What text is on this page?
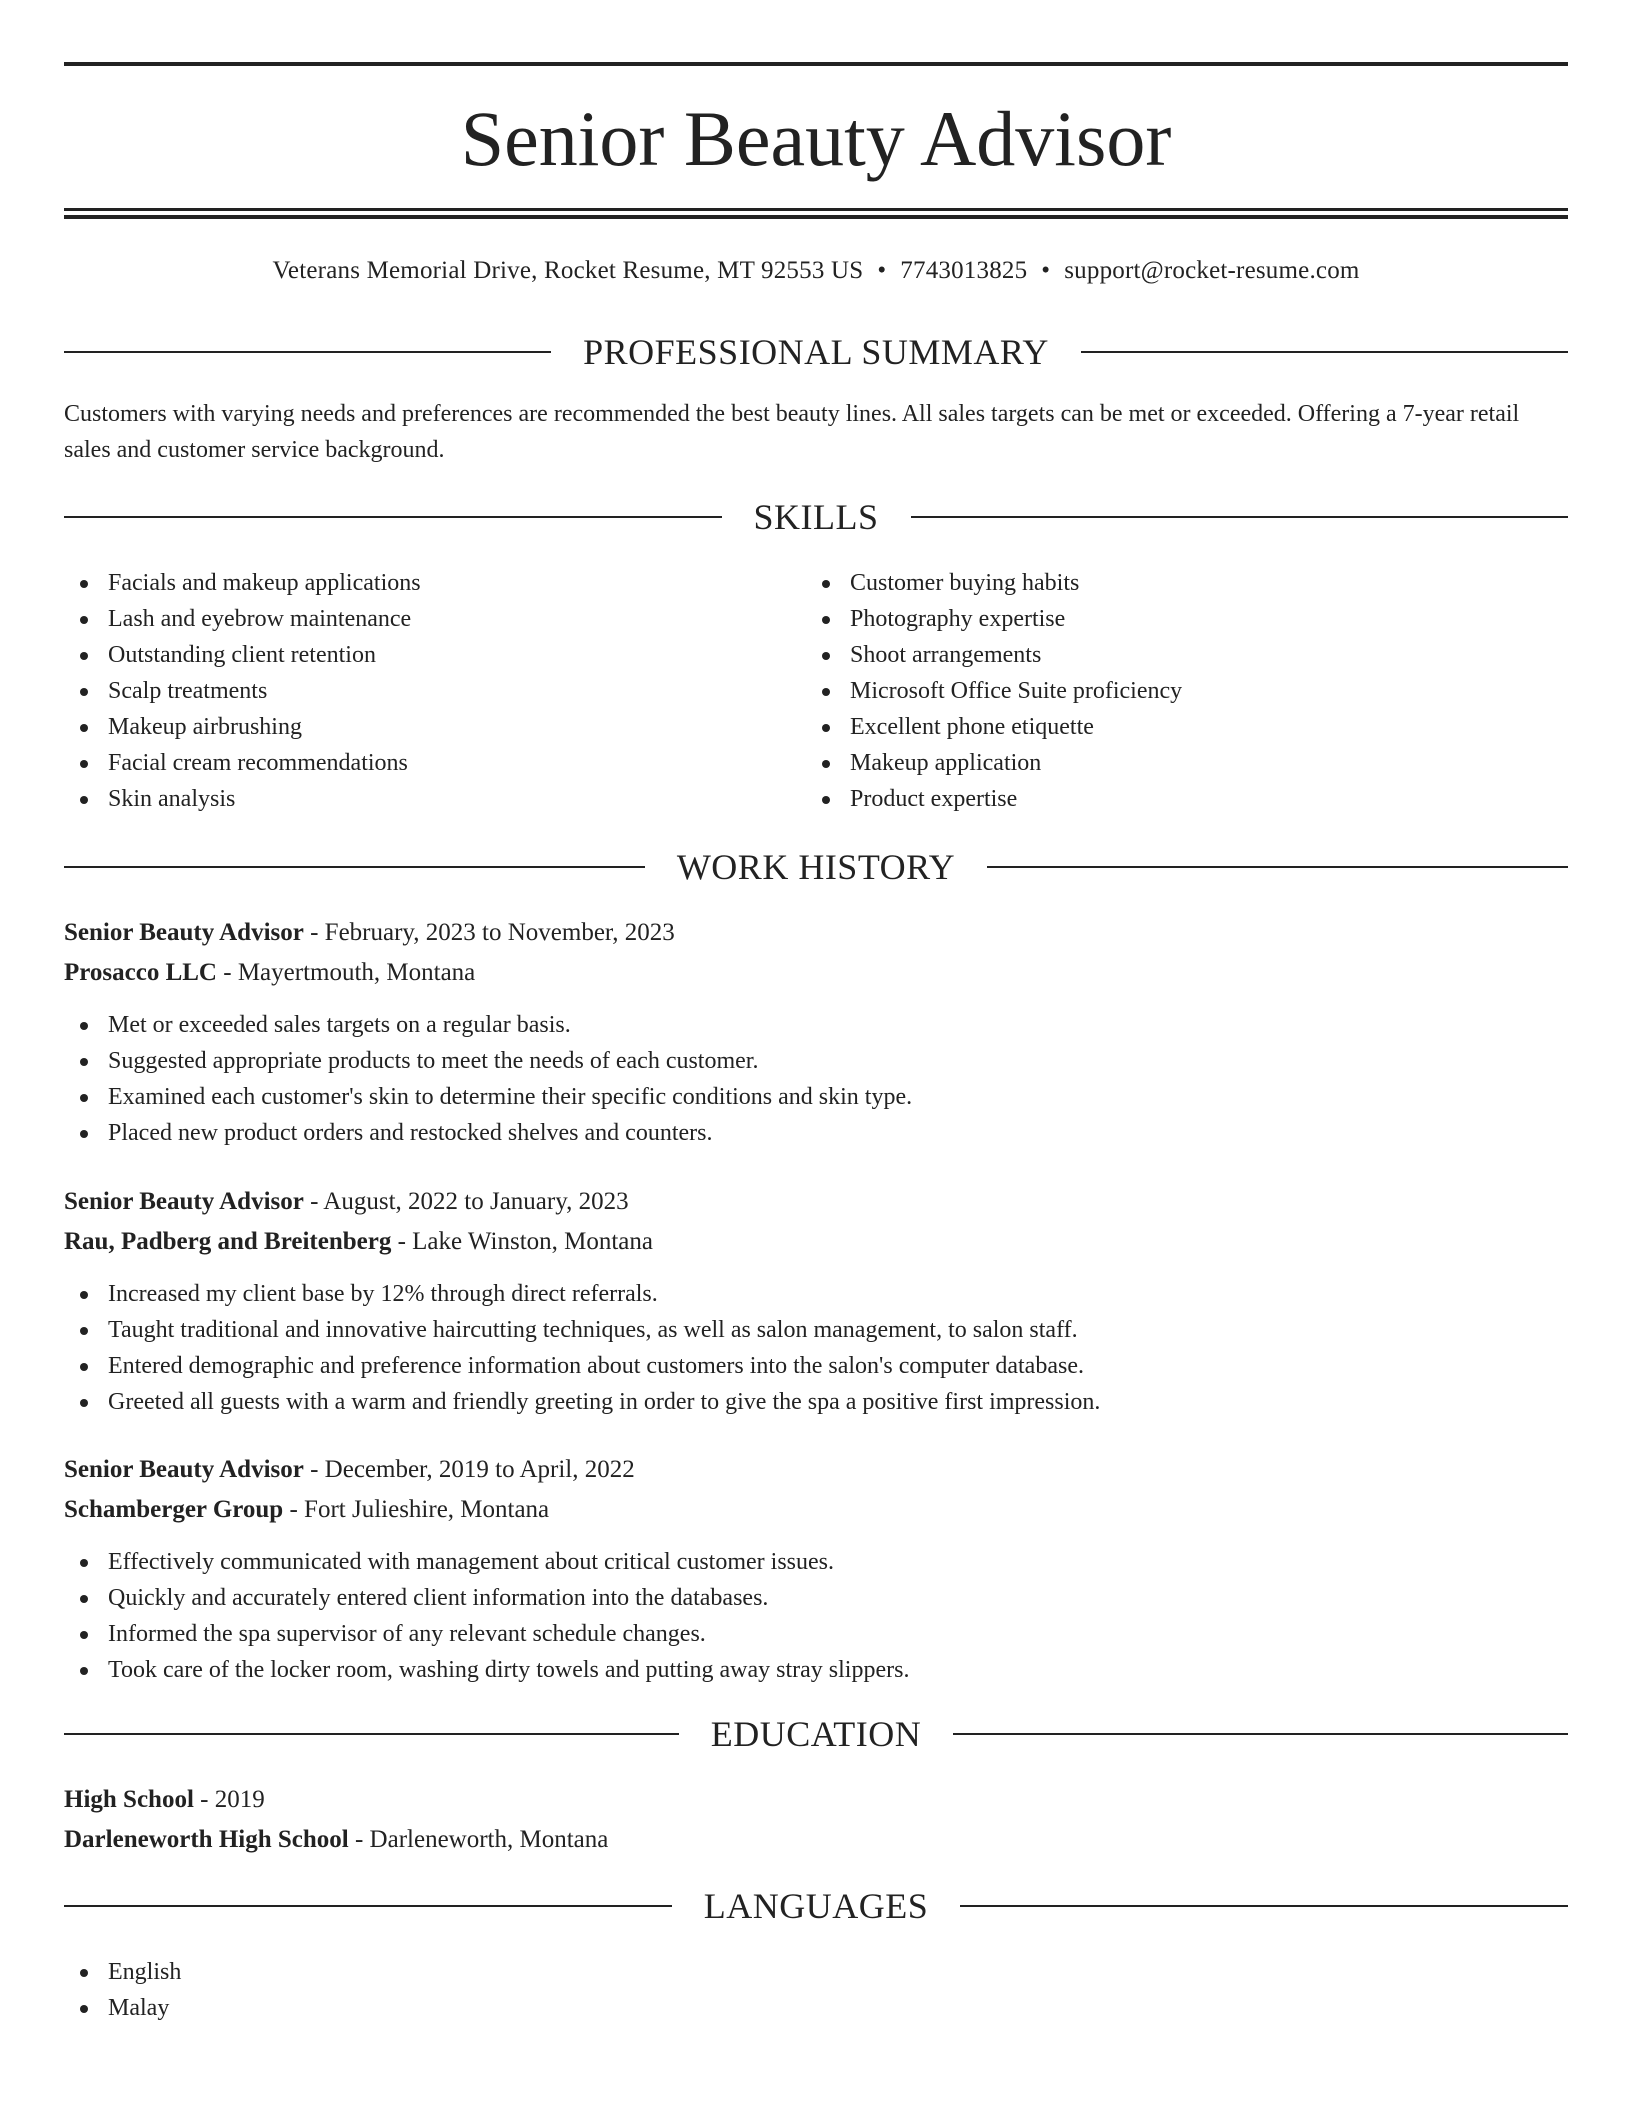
Senior Beauty Advisor
Veterans Memorial Drive, Rocket Resume, MT 92553 US • 7743013825 • support@rocket-resume.com
PROFESSIONAL SUMMARY

Customers with varying needs and preferences are recommended the best beauty lines. All sales targets can be met or exceeded. Offering a 7-year retail sales and customer service background.

SKILLS
Facials and makeup applications
Lash and eyebrow maintenance
Outstanding client retention
Scalp treatments
Makeup airbrushing
Facial cream recommendations
Skin analysis
Customer buying habits
Photography expertise
Shoot arrangements
Microsoft Office Suite proficiency
Excellent phone etiquette
Makeup application
Product expertise
WORK HISTORY
Senior Beauty Advisor - February, 2023 to November, 2023
Prosacco LLC - Mayertmouth, Montana
Met or exceeded sales targets on a regular basis.
Suggested appropriate products to meet the needs of each customer.
Examined each customer's skin to determine their specific conditions and skin type.
Placed new product orders and restocked shelves and counters.
Senior Beauty Advisor - August, 2022 to January, 2023
Rau, Padberg and Breitenberg - Lake Winston, Montana
Increased my client base by 12% through direct referrals.
Taught traditional and innovative haircutting techniques, as well as salon management, to salon staff.
Entered demographic and preference information about customers into the salon's computer database.
Greeted all guests with a warm and friendly greeting in order to give the spa a positive first impression.
Senior Beauty Advisor - December, 2019 to April, 2022
Schamberger Group - Fort Julieshire, Montana
Effectively communicated with management about critical customer issues.
Quickly and accurately entered client information into the databases.
Informed the spa supervisor of any relevant schedule changes.
Took care of the locker room, washing dirty towels and putting away stray slippers.
EDUCATION
High School - 2019
Darleneworth High School - Darleneworth, Montana
LANGUAGES
English
Malay
